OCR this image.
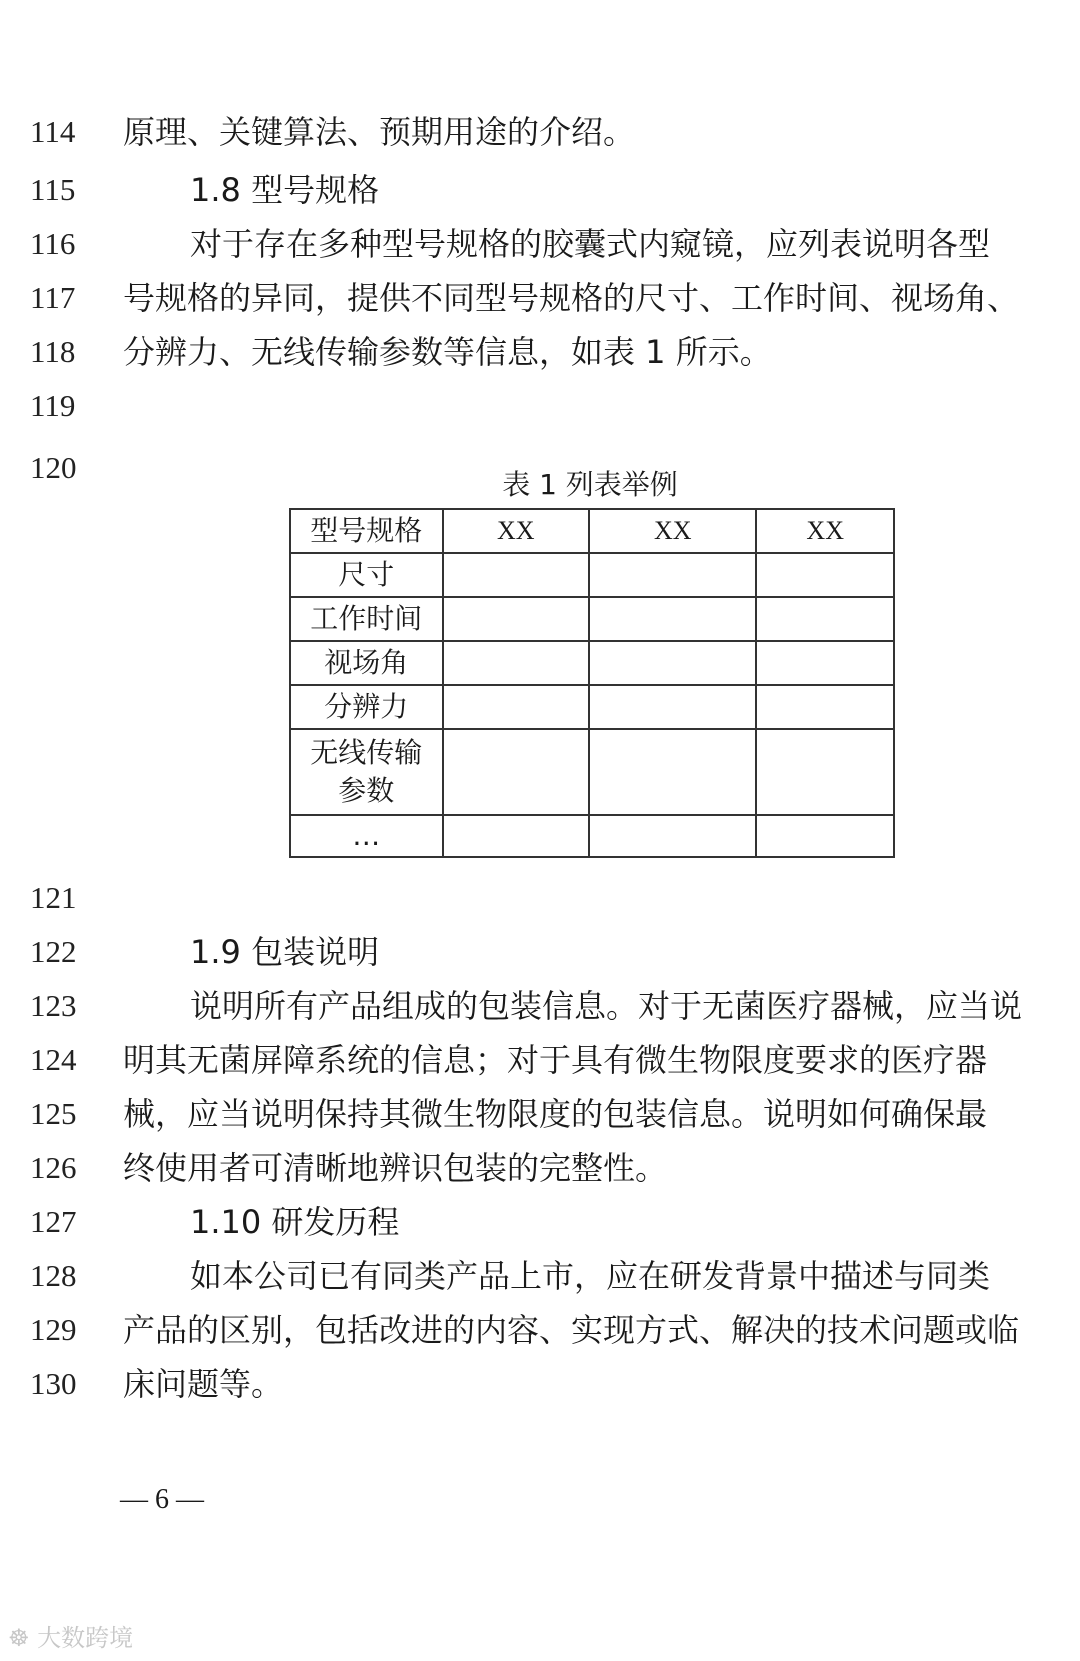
114	原理、关键算法、预期用途的介绍。
115	1.8 型号规格
116	对于存在多种型号规格的胶囊式内窥镜，应列表说明各型
117	号规格的异同，提供不同型号规格的尺寸、工作时间、视场角、
118	分辨力、无线传输参数等信息，如表 1 所示。
119
120	表 1 列表举例
型号规格	XX	XX	XX
尺寸			
工作时间			
视场角			
分辨力			
无线传输参数			
…			
121
122	1.9 包装说明
123	说明所有产品组成的包装信息。对于无菌医疗器械，应当说
124	明其无菌屏障系统的信息；对于具有微生物限度要求的医疗器
125	械，应当说明保持其微生物限度的包装信息。说明如何确保最
126	终使用者可清晰地辨识包装的完整性。
127	1.10 研发历程
128	如本公司已有同类产品上市，应在研发背景中描述与同类
129	产品的区别，包括改进的内容、实现方式、解决的技术问题或临
130	床问题等。
— 6 —
☸ 大数跨境
